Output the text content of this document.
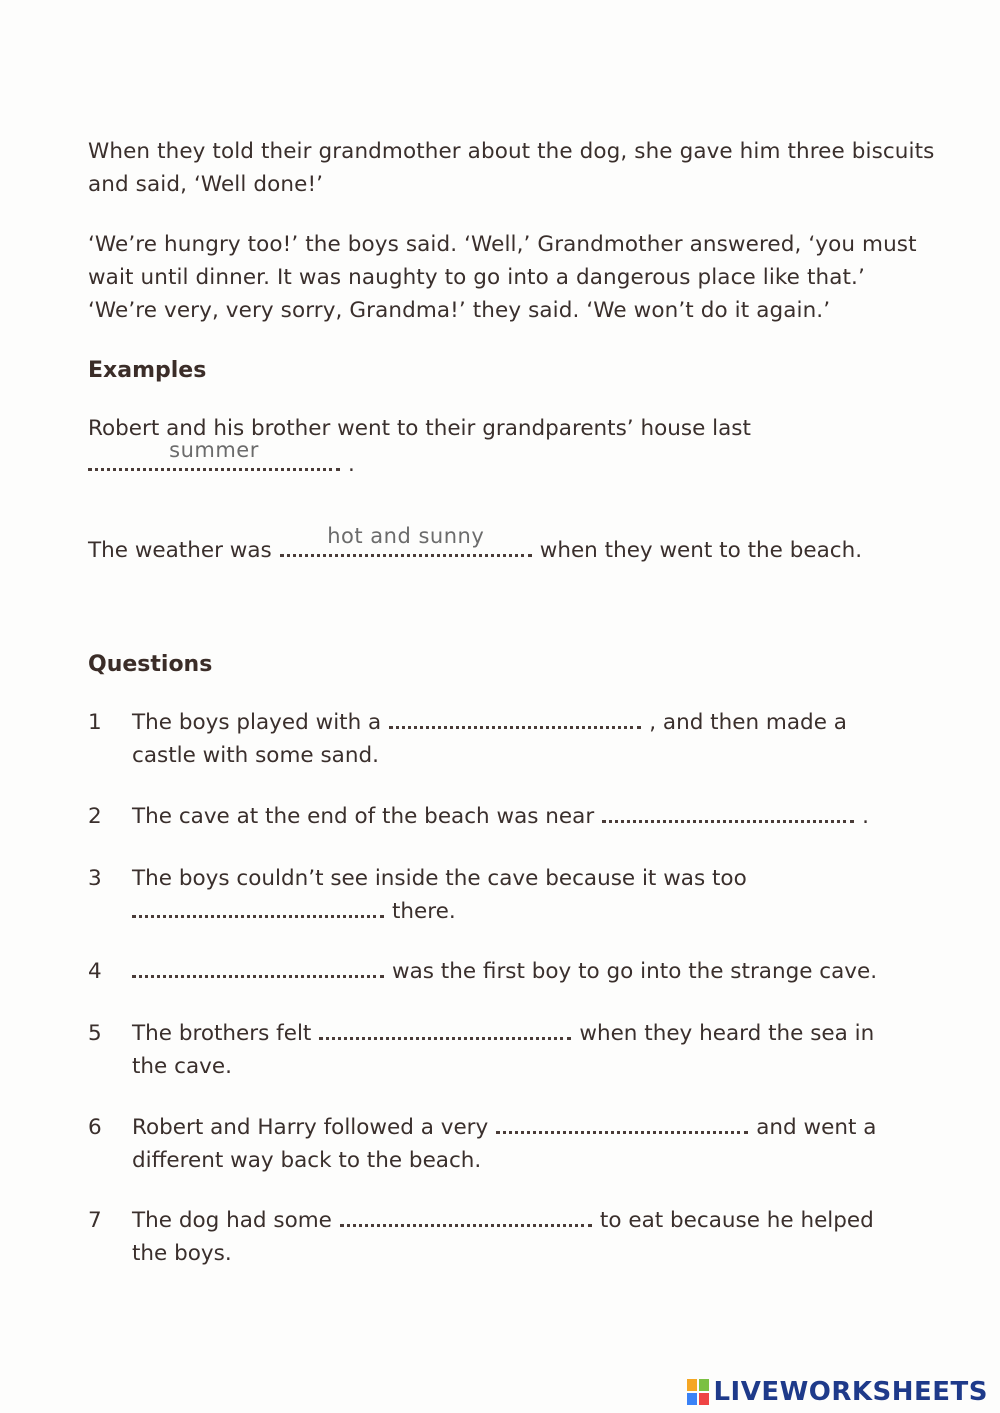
When they told their grandmother about the dog, she gave him three biscuits and said, ‘Well done!’
‘We’re hungry too!’ the boys said. ‘Well,’ Grandmother answered, ‘you must wait until dinner. It was naughty to go into a dangerous place like that.’ ‘We’re very, very sorry, Grandma!’ they said. ‘We won’t do it again.’
Examples
Robert and his brother went to their grandparents’ house last
summer
.
The weather was
hot and sunny
when they went to the beach.
Questions
1 The boys played with a	, and then made a
castle with some sand.
2 The cave at the end of the beach was near	.
3 The boys couldn’t see inside the cave because it was too
there.
4	was the first boy to go into the strange cave.
5 The brothers felt	when they heard the sea in
the cave.
6 Robert and Harry followed a very	and went a
different way back to the beach.
7 The dog had some	to eat because he helped
the boys.
LIVEWORKSHEETS
